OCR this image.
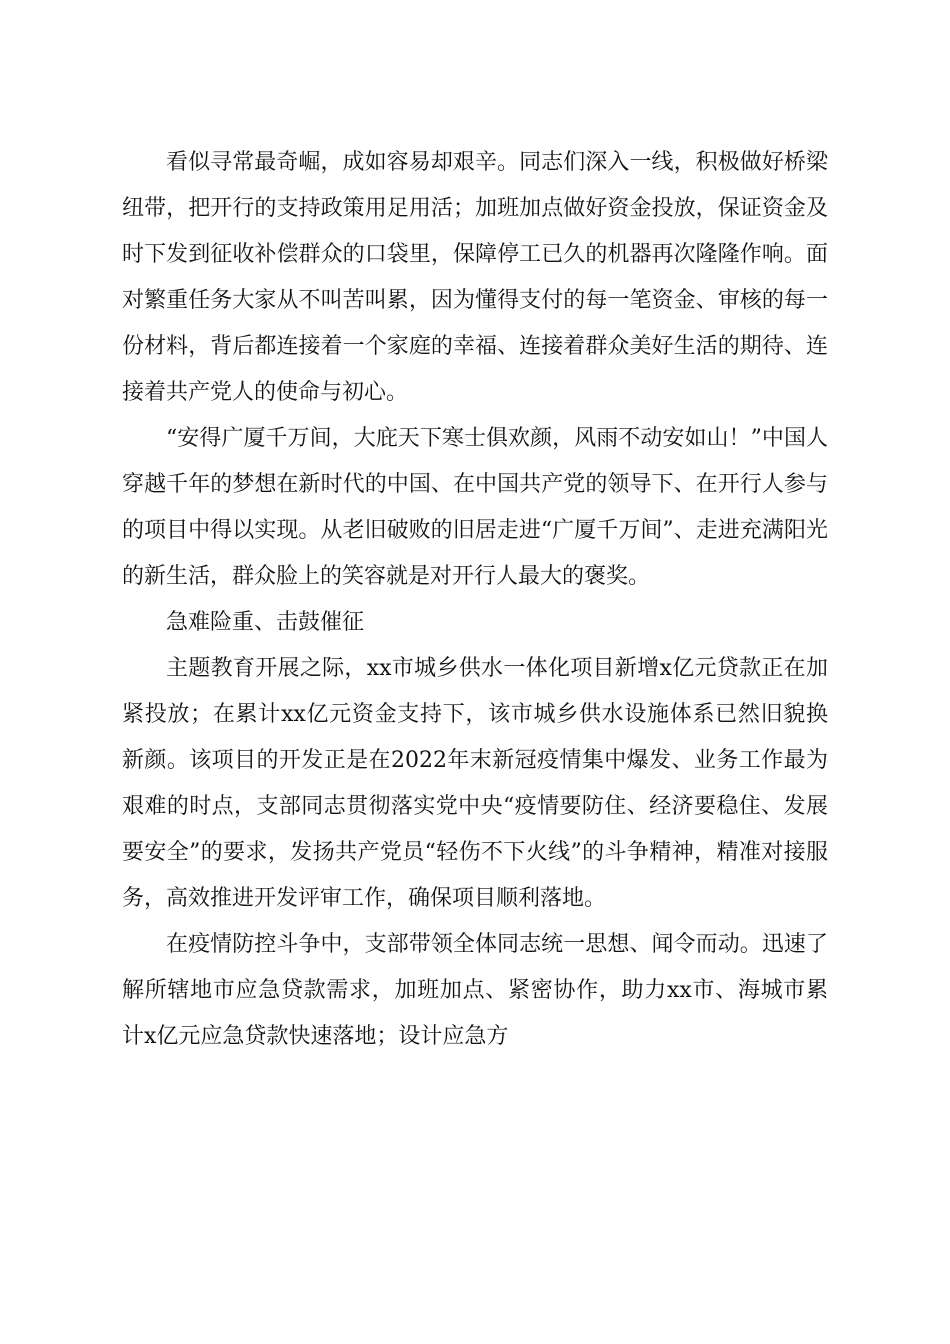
看似寻常最奇崛，成如容易却艰辛。同志们深入一线，积极做好桥梁纽带，把开行的支持政策用足用活；加班加点做好资金投放，保证资金及时下发到征收补偿群众的口袋里，保障停工已久的机器再次隆隆作响。面对繁重任务大家从不叫苦叫累，因为懂得支付的每一笔资金、审核的每一份材料，背后都连接着一个家庭的幸福、连接着群众美好生活的期待、连接着共产党人的使命与初心。

“安得广厦千万间，大庇天下寒士俱欢颜，风雨不动安如山！”中国人穿越千年的梦想在新时代的中国、在中国共产党的领导下、在开行人参与的项目中得以实现。从老旧破败的旧居走进“广厦千万间”、走进充满阳光的新生活，群众脸上的笑容就是对开行人最大的褒奖。

急难险重、击鼓催征

主题教育开展之际，xx市城乡供水一体化项目新增x亿元贷款正在加紧投放；在累计xx亿元资金支持下，该市城乡供水设施体系已然旧貌换新颜。该项目的开发正是在2022年末新冠疫情集中爆发、业务工作最为艰难的时点，支部同志贯彻落实党中央“疫情要防住、经济要稳住、发展要安全”的要求，发扬共产党员“轻伤不下火线”的斗争精神，精准对接服务，高效推进开发评审工作，确保项目顺利落地。

在疫情防控斗争中，支部带领全体同志统一思想、闻令而动。迅速了解所辖地市应急贷款需求，加班加点、紧密协作，助力xx市、海城市累计x亿元应急贷款快速落地；设计应急方
